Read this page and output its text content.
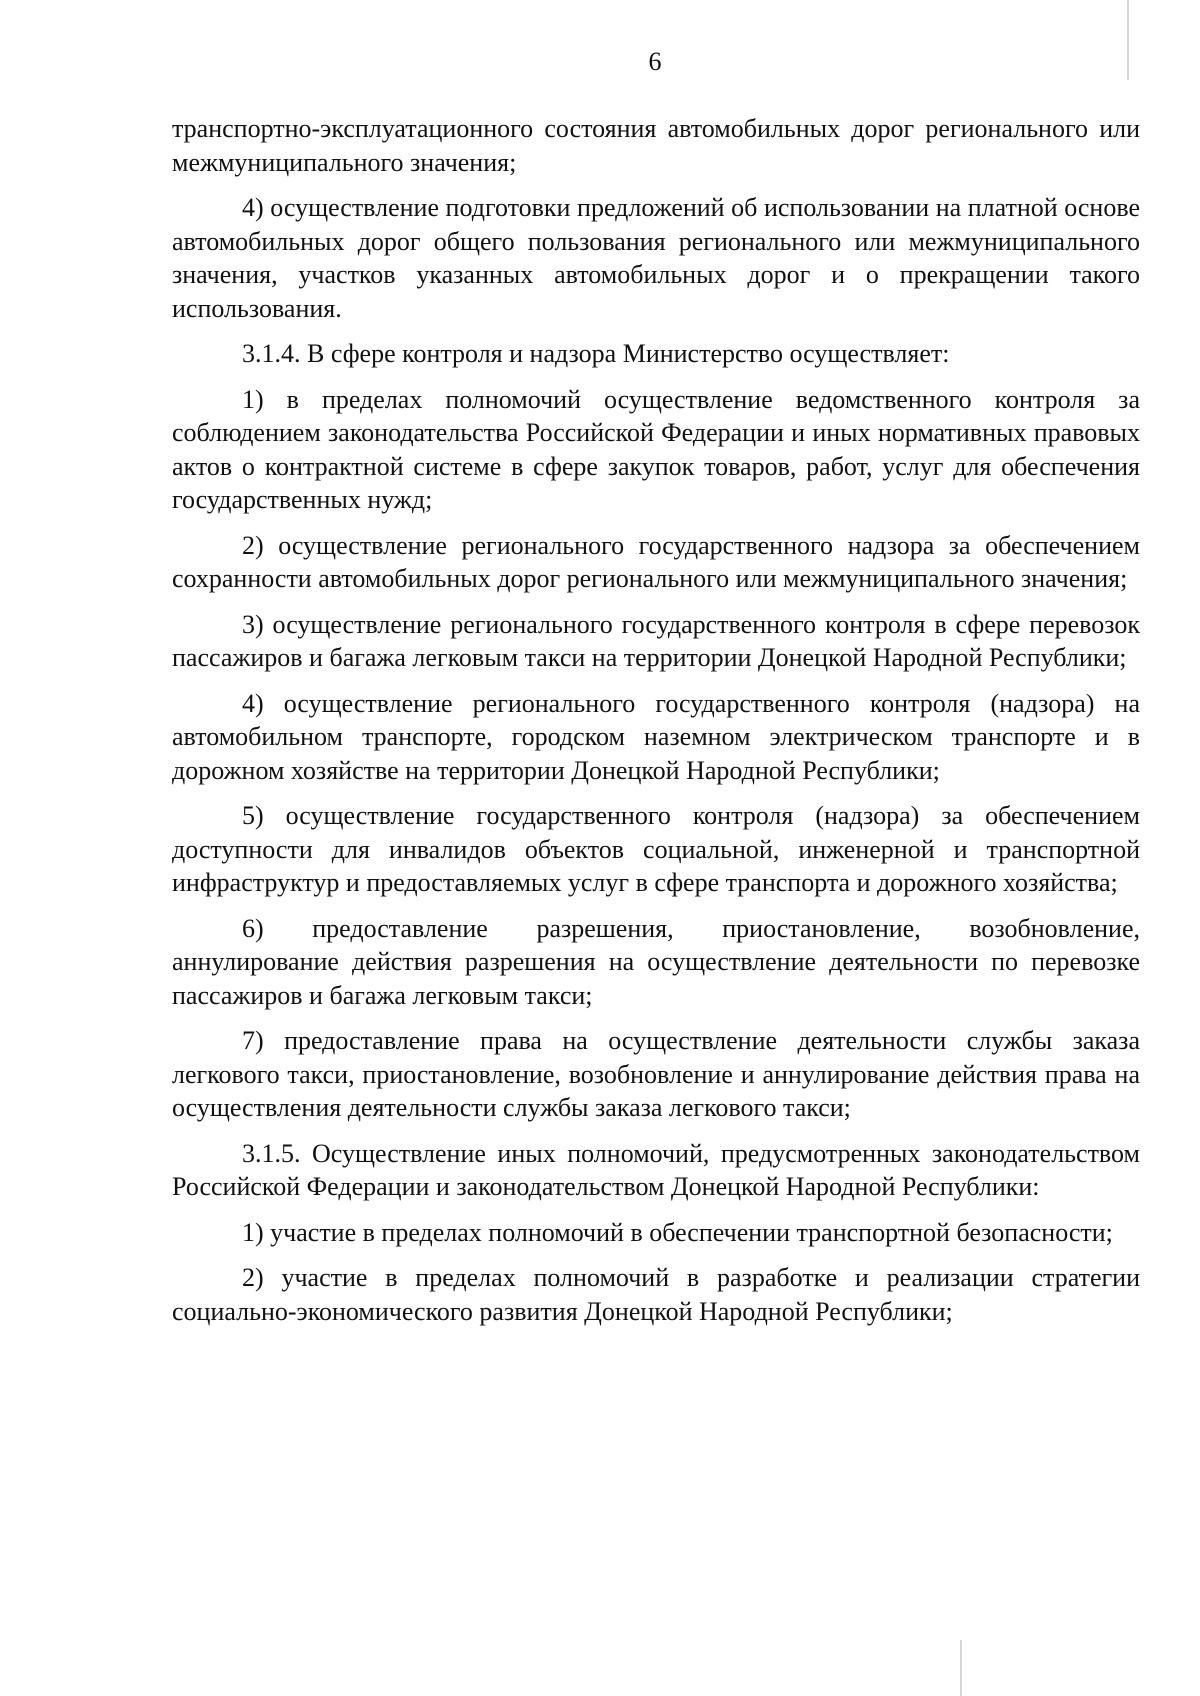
6

транспортно-эксплуатационного состояния автомобильных дорог регионального или межмуниципального значения;

4) осуществление подготовки предложений об использовании на платной основе автомобильных дорог общего пользования регионального или межмуниципального значения, участков указанных автомобильных дорог и о прекращении такого использования.

3.1.4. В сфере контроля и надзора Министерство осуществляет:

1) в пределах полномочий осуществление ведомственного контроля за соблюдением законодательства Российской Федерации и иных нормативных правовых актов о контрактной системе в сфере закупок товаров, работ, услуг для обеспечения государственных нужд;

2) осуществление регионального государственного надзора за обеспечением сохранности автомобильных дорог регионального или межмуниципального значения;

3) осуществление регионального государственного контроля в сфере перевозок пассажиров и багажа легковым такси на территории Донецкой Народной Республики;

4) осуществление регионального государственного контроля (надзора) на автомобильном транспорте, городском наземном электрическом транспорте и в дорожном хозяйстве на территории Донецкой Народной Республики;

5) осуществление государственного контроля (надзора) за обеспечением доступности для инвалидов объектов социальной, инженерной и транспортной инфраструктур и предоставляемых услуг в сфере транспорта и дорожного хозяйства;

6) предоставление разрешения, приостановление, возобновление, аннулирование действия разрешения на осуществление деятельности по перевозке пассажиров и багажа легковым такси;

7) предоставление права на осуществление деятельности службы заказа легкового такси, приостановление, возобновление и аннулирование действия права на осуществления деятельности службы заказа легкового такси;

3.1.5. Осуществление иных полномочий, предусмотренных законодательством Российской Федерации и законодательством Донецкой Народной Республики:

1) участие в пределах полномочий в обеспечении транспортной безопасности;

2) участие в пределах полномочий в разработке и реализации стратегии социально-экономического развития Донецкой Народной Республики;
